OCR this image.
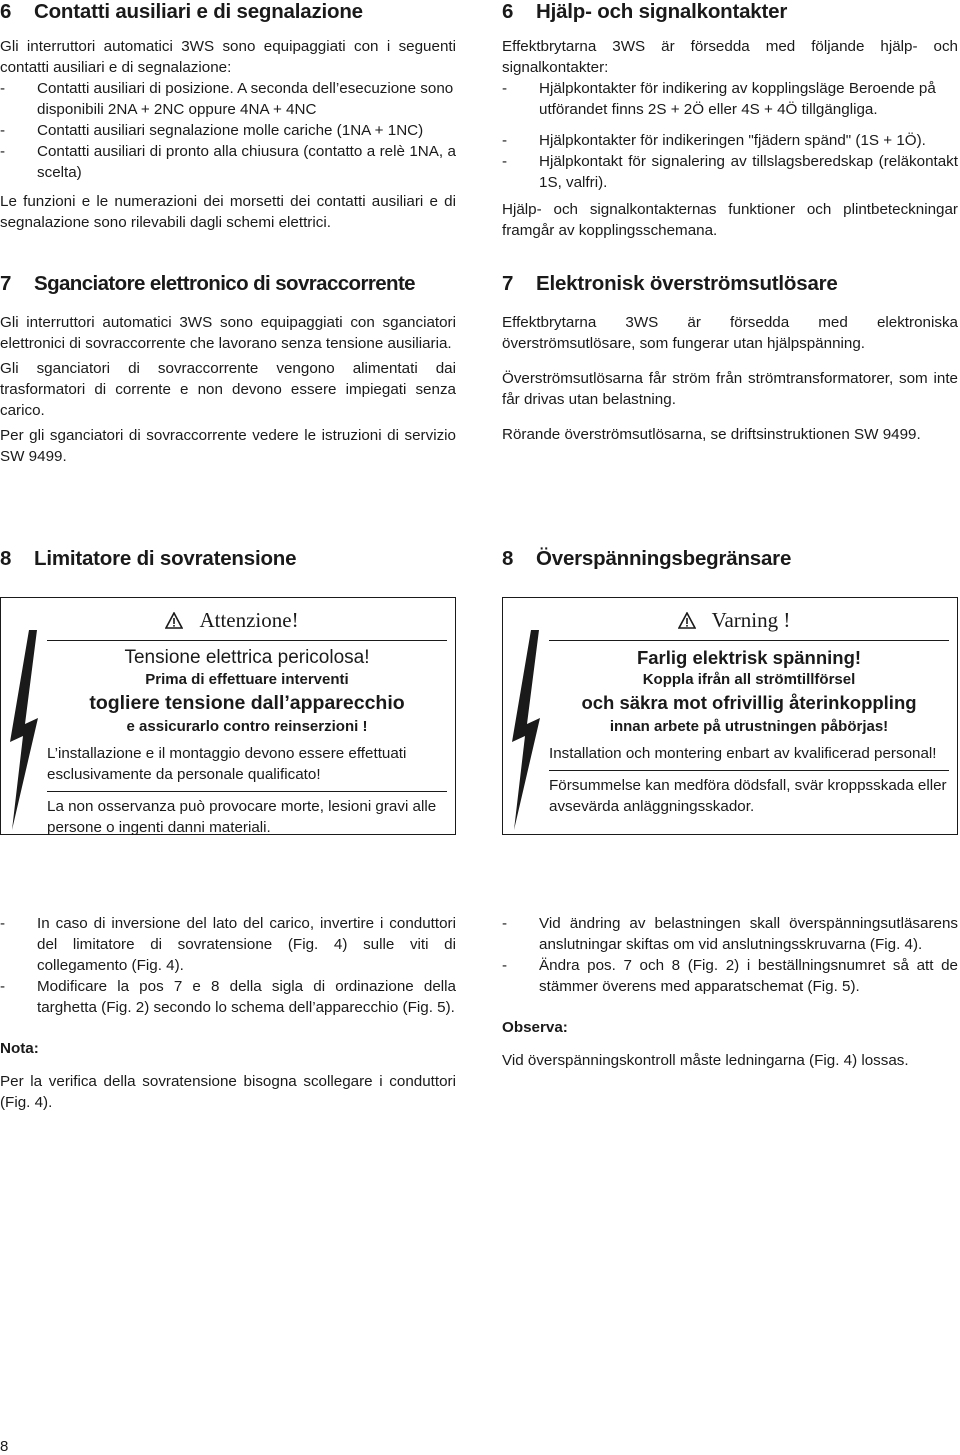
6	Contatti ausiliari e di segnalazione

Gli interruttori automatici 3WS sono equipaggiati con i seguenti contatti ausiliari e di segnalazione:

- Contatti ausiliari di posizione. A seconda dell’esecuzione sono disponibili 2NA + 2NC oppure 4NA + 4NC
- Contatti ausiliari segnalazione molle cariche (1NA + 1NC)
- Contatti ausiliari di pronto alla chiusura (contatto a relè 1NA, a scelta)

Le funzioni e le numerazioni dei morsetti dei contatti ausiliari e di segnalazione sono rilevabili dagli schemi elettrici.

7	Sganciatore elettronico di sovraccorrente

Gli interruttori automatici 3WS sono equipaggiati con sganciatori elettronici di sovraccorrente che lavorano senza tensione ausiliaria.

Gli sganciatori di sovraccorrente vengono alimentati dai trasformatori di corrente e non devono essere impiegati senza carico.

Per gli sganciatori di sovraccorrente vedere le istruzioni di servizio SW 9499.

8	Limitatore di sovratensione
Attenzione!
Tensione elettrica pericolosa!
Prima di effettuare interventi
togliere tensione dall’apparecchio
e assicurarlo contro reinserzioni !
L’installazione e il montaggio devono essere effettuati esclusivamente da personale qualificato!
La non osservanza può provocare morte, lesioni gravi alle persone o ingenti danni materiali.
- In caso di inversione del lato del carico, invertire i conduttori del limitatore di sovratensione (Fig. 4) sulle viti di collegamento (Fig. 4).
- Modificare la pos 7 e 8 della sigla di ordinazione della targhetta (Fig. 2) secondo lo schema dell’apparecchio (Fig. 5).
Nota:

Per la verifica della sovratensione bisogna scollegare i conduttori (Fig. 4).

6	Hjälp- och signalkontakter

Effektbrytarna 3WS är försedda med följande hjälp- och signalkontakter:

- Hjälpkontakter för indikering av kopplingsläge Beroende på utförandet finns 2S + 2Ö eller 4S + 4Ö tillgängliga.
- Hjälpkontakter för indikeringen "fjädern spänd" (1S + 1Ö).
- Hjälpkontakt för signalering av tillslagsberedskap (reläkontakt 1S, valfri).

Hjälp- och signalkontakternas funktioner och plintbeteckningar framgår av kopplingsschemana.

7	Elektronisk överströmsutlösare

Effektbrytarna 3WS är försedda med elektroniska överströmsutlösare, som fungerar utan hjälpspänning.

Överströmsutlösarna får ström från strömtransformatorer, som inte får drivas utan belastning.

Rörande överströmsutlösarna, se driftsinstruktionen SW 9499.

8	Överspänningsbegränsare
Varning !
Farlig elektrisk spänning!
Koppla ifrån all strömtillförsel
och säkra mot ofrivillig återinkoppling
innan arbete på utrustningen påbörjas!
Installation och montering enbart av kvalificerad personal!
Försummelse kan medföra dödsfall, svär kroppsskada eller avsevärda anläggningsskador.
- Vid ändring av belastningen skall överspänningsutläsarens anslutningar skiftas om vid anslutningsskruvarna (Fig. 4).
- Ändra pos. 7 och 8 (Fig. 2) i beställningsnumret så att de stämmer överens med apparatschemat (Fig. 5).
Observa:

Vid överspänningskontroll måste ledningarna (Fig. 4) lossas.

8
